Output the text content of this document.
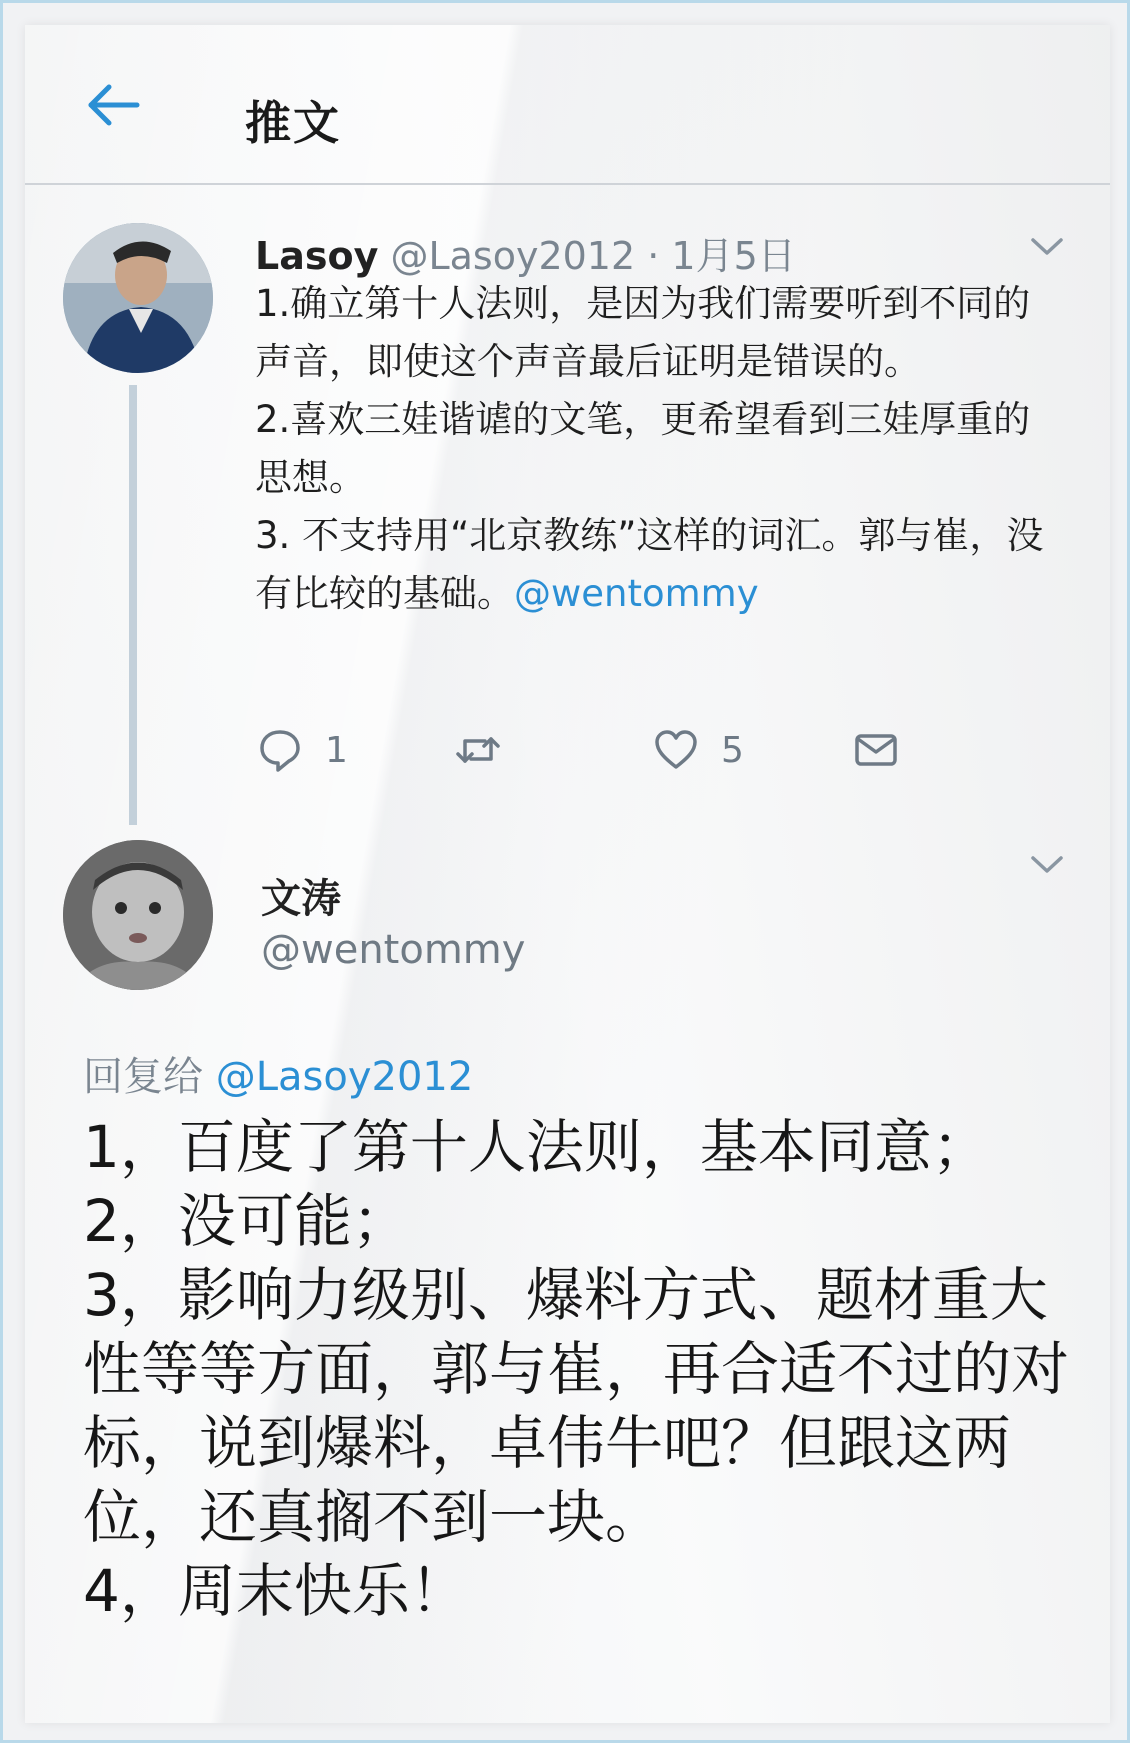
推文
Lasoy @Lasoy2012 · 1月5日

1.确立第十人法则，是因为我们需要听到不同的声音，即使这个声音最后证明是错误的。

2.喜欢三娃谐谑的文笔，更希望看到三娃厚重的思想。

3. 不支持用“北京教练”这样的词汇。郭与崔，没有比较的基础。@wentommy

1	5
文涛
@wentommy
回复给 @Lasoy2012

1，百度了第十人法则，基本同意；

2，没可能；

3，影响力级别、爆料方式、题材重大性等等方面，郭与崔，再合适不过的对标，说到爆料，卓伟牛吧？但跟这两位，还真搁不到一块。

4，周末快乐！
